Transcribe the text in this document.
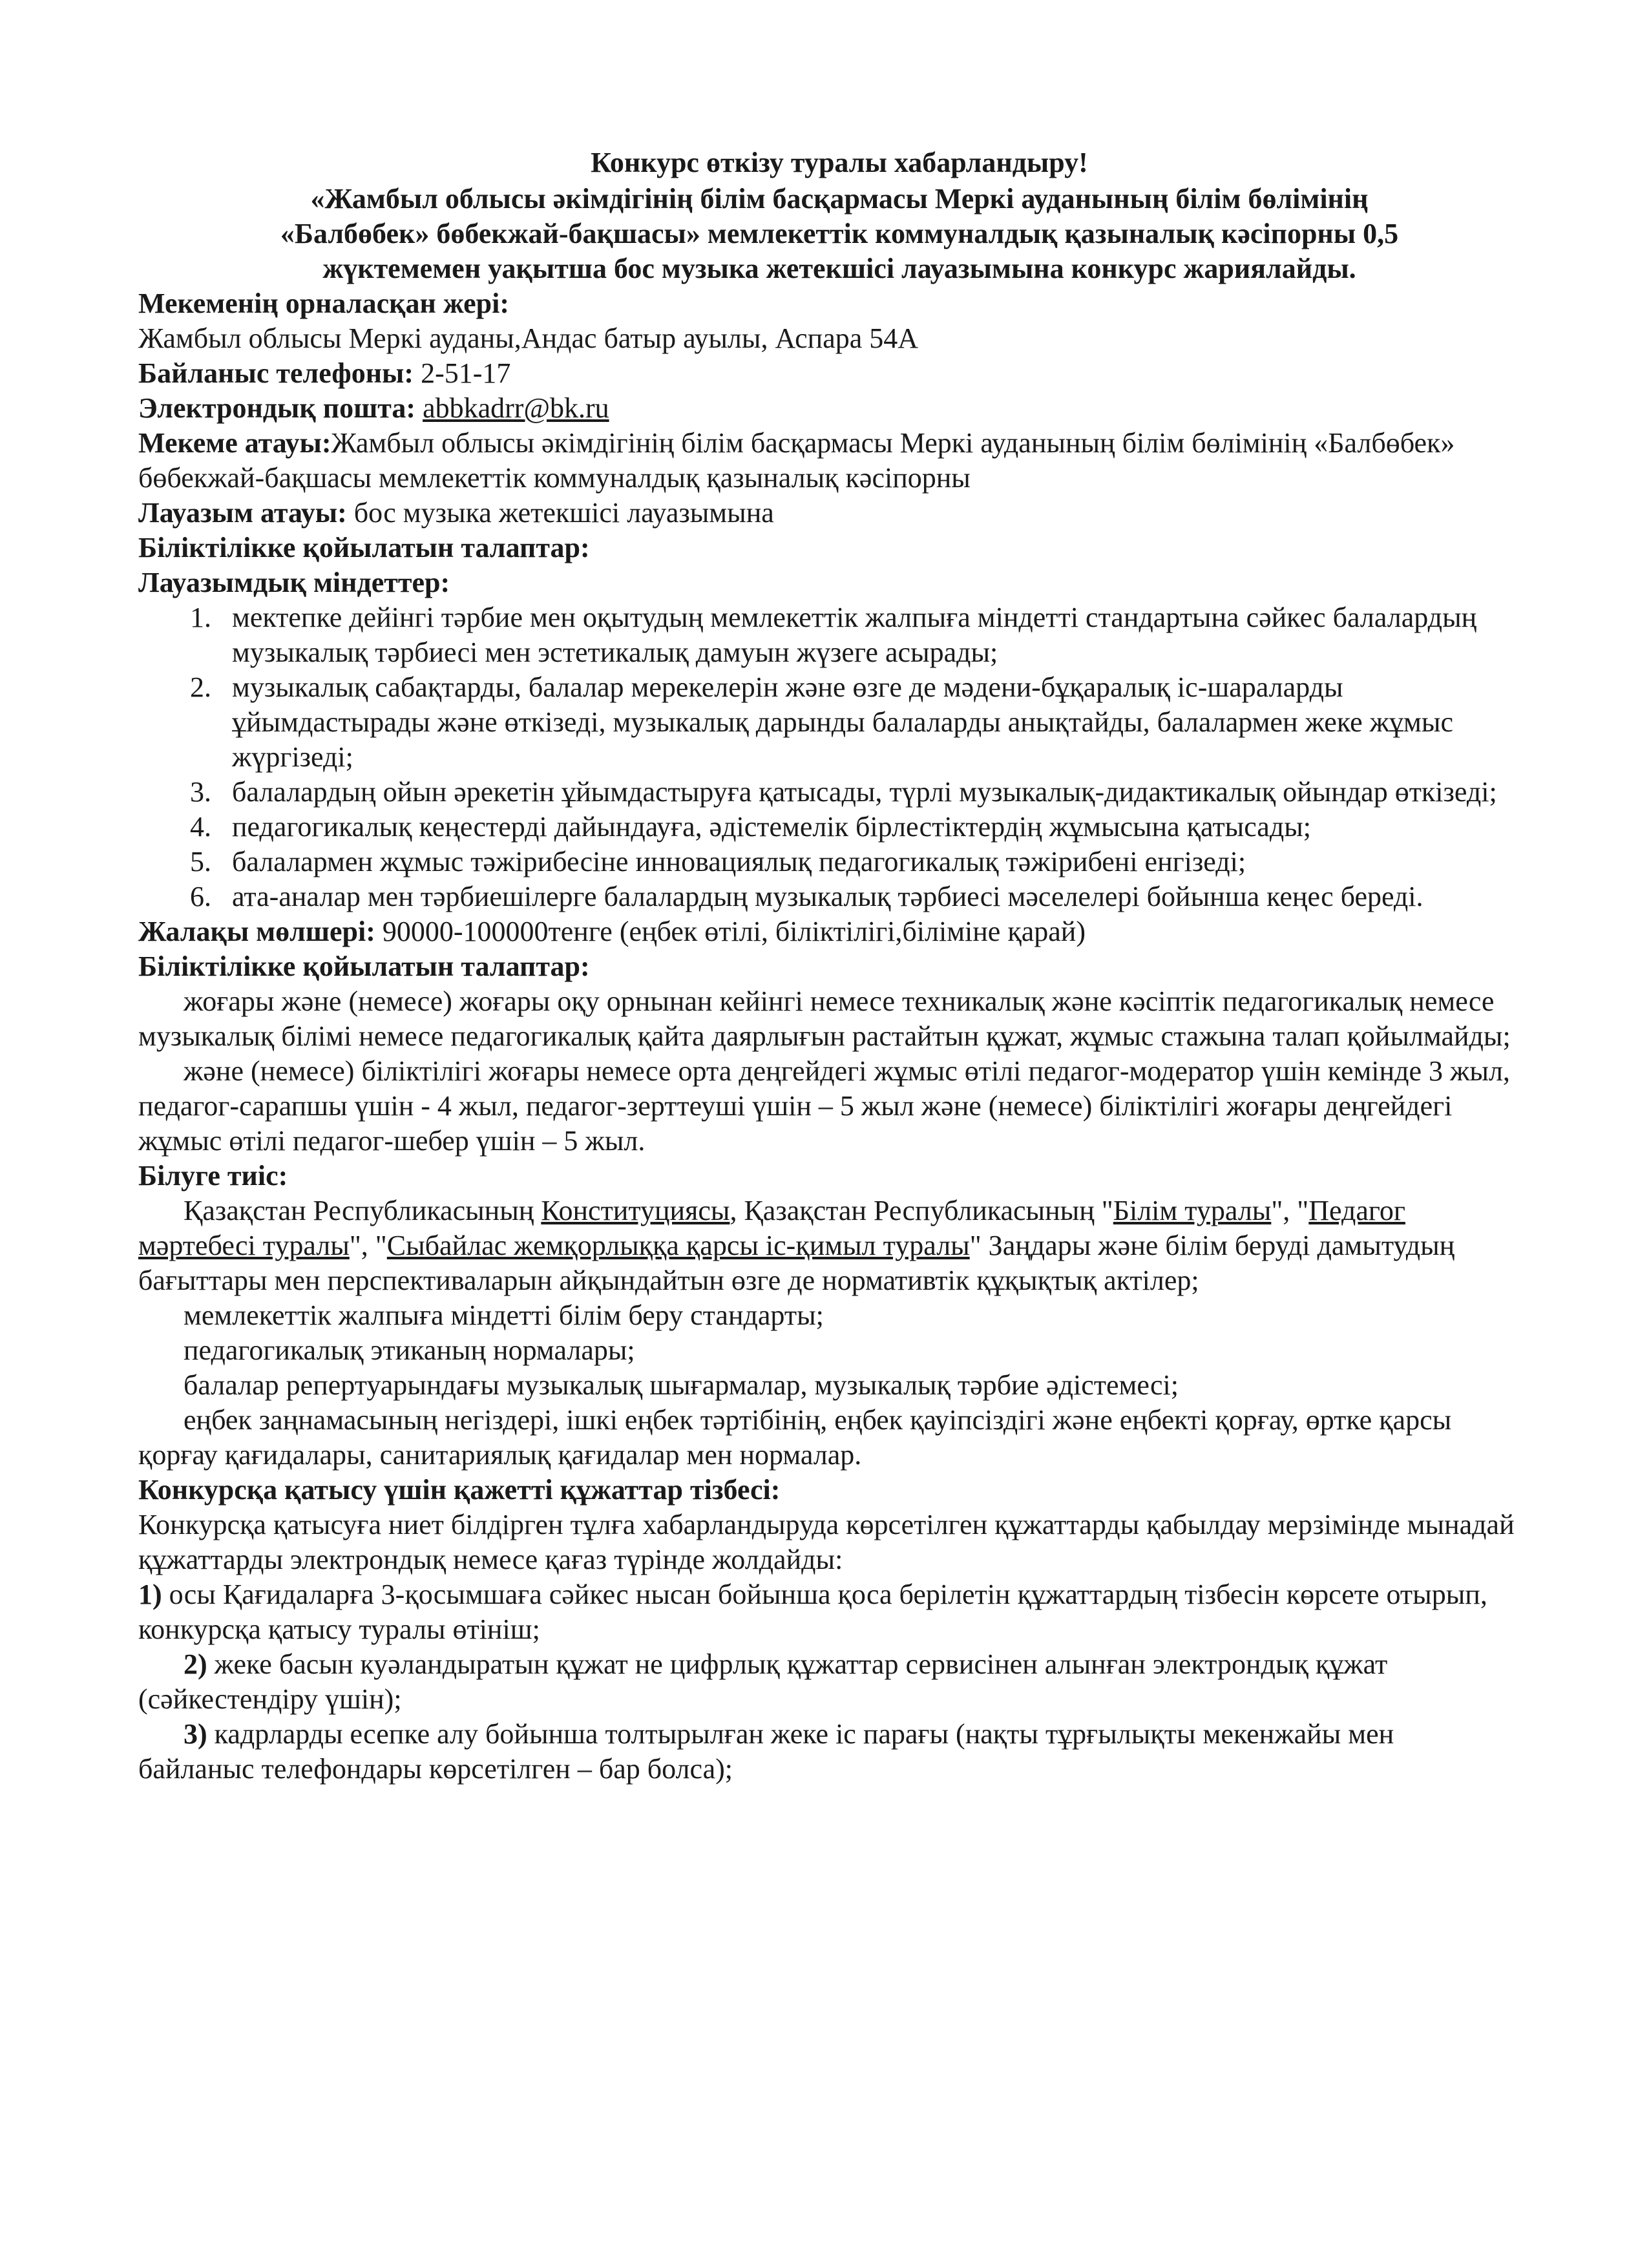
Конкурс өткізу туралы хабарландыру!
«Жамбыл облысы әкімдігінің білім басқармасы Меркі ауданының білім бөлімінің
«Балбөбек» бөбекжай-бақшасы» мемлекеттік коммуналдық қазыналық кәсіпорны 0,5
жүктемемен уақытша бос музыка жетекшісі лауазымына конкурс жариялайды.

Мекеменің орналасқан жері:

Жамбыл облысы Меркі ауданы,Андас батыр ауылы, Аспара 54А

Байланыс телефоны: 2-51-17

Электрондық пошта: abbkadrr@bk.ru

Мекеме атауы:Жамбыл облысы әкімдігінің білім басқармасы Меркі ауданының білім бөлімінің «Балбөбек» бөбекжай-бақшасы мемлекеттік коммуналдық қазыналық кәсіпорны

Лауазым атауы: бос музыка жетекшісі лауазымына

Біліктілікке қойылатын талаптар:

Лауазымдық міндеттер:

1. мектепке дейінгі тәрбие мен оқытудың мемлекеттік жалпыға міндетті стандартына сәйкес балалардың музыкалық тәрбиесі мен эстетикалық дамуын жүзеге асырады;
2. музыкалық сабақтарды, балалар мерекелерін және өзге де мәдени-бұқаралық іс-шараларды ұйымдастырады және өткізеді, музыкалық дарынды балаларды анықтайды, балалармен жеке жұмыс жүргізеді;
3. балалардың ойын әрекетін ұйымдастыруға қатысады, түрлі музыкалық-дидактикалық ойындар өткізеді;
4. педагогикалық кеңестерді дайындауға, әдістемелік бірлестіктердің жұмысына қатысады;
5. балалармен жұмыс тәжірибесіне инновациялық педагогикалық тәжірибені енгізеді;
6. ата-аналар мен тәрбиешілерге балалардың музыкалық тәрбиесі мәселелері бойынша кеңес береді.

Жалақы мөлшері: 90000-100000тенге (еңбек өтілі, біліктілігі,біліміне қарай)

Біліктілікке қойылатын талаптар:

жоғары және (немесе) жоғары оқу орнынан кейінгі немесе техникалық және кәсіптік педагогикалық немесе музыкалық білімі немесе педагогикалық қайта даярлығын растайтын құжат, жұмыс стажына талап қойылмайды;

және (немесе) біліктілігі жоғары немесе орта деңгейдегі жұмыс өтілі педагог-модератор үшін кемінде 3 жыл, педагог-сарапшы үшін - 4 жыл, педагог-зерттеуші үшін – 5 жыл және (немесе) біліктілігі жоғары деңгейдегі жұмыс өтілі педагог-шебер үшін – 5 жыл.

Білуге тиіс:

Қазақстан Республикасының Конституциясы, Қазақстан Республикасының "Білім туралы", "Педагог мәртебесі туралы", "Сыбайлас жемқорлыққа қарсы іс-қимыл туралы" Заңдары және білім беруді дамытудың бағыттары мен перспективаларын айқындайтын өзге де нормативтік құқықтық актілер;

мемлекеттік жалпыға міндетті білім беру стандарты;

педагогикалық этиканың нормалары;

балалар репертуарындағы музыкалық шығармалар, музыкалық тәрбие әдістемесі;

еңбек заңнамасының негіздері, ішкі еңбек тәртібінің, еңбек қауіпсіздігі және еңбекті қорғау, өртке қарсы қорғау қағидалары, санитариялық қағидалар мен нормалар.

Конкурсқа қатысу үшін қажетті құжаттар тізбесі:

Конкурсқа қатысуға ниет білдірген тұлға хабарландыруда көрсетілген құжаттарды қабылдау мерзімінде мынадай құжаттарды электрондық немесе қағаз түрінде жолдайды:

1) осы Қағидаларға 3-қосымшаға сәйкес нысан бойынша қоса берілетін құжаттардың тізбесін көрсете отырып, конкурсқа қатысу туралы өтініш;

2) жеке басын куәландыратын құжат не цифрлық құжаттар сервисінен алынған электрондық құжат (сәйкестендіру үшін);

3) кадрларды есепке алу бойынша толтырылған жеке іс парағы (нақты тұрғылықты мекенжайы мен байланыс телефондары көрсетілген – бар болса);
